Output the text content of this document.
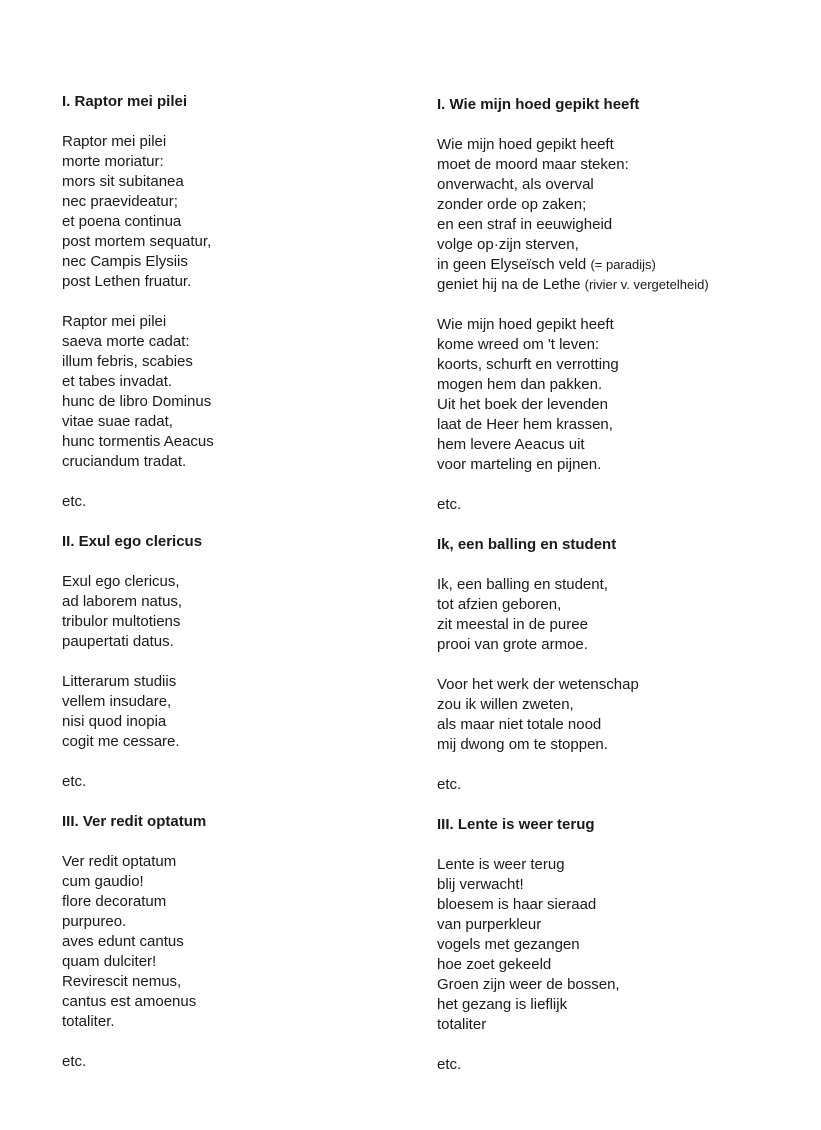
I. Raptor mei pilei
Raptor mei pilei
morte moriatur:
mors sit subitanea
nec praevideatur;
et poena continua
post mortem sequatur,
nec Campis Elysiis
post Lethen fruatur.
Raptor mei pilei
saeva morte cadat:
illum febris, scabies
et tabes invadat.
hunc de libro Dominus
vitae suae radat,
hunc tormentis Aeacus
cruciandum tradat.
etc.
II. Exul ego clericus
Exul ego clericus,
ad laborem natus,
tribulor multotiens
paupertati datus.
Litterarum studiis
vellem insudare,
nisi quod inopia
cogit me cessare.
etc.
III. Ver redit optatum
Ver redit optatum
cum gaudio!
flore decoratum
purpureo.
aves edunt cantus
quam dulciter!
Revirescit nemus,
cantus est amoenus
totaliter.
etc.
I. Wie mijn hoed gepikt heeft
Wie mijn hoed gepikt heeft
moet de moord maar steken:
onverwacht, als overval
zonder orde op zaken;
en een straf in eeuwigheid
volge op·zijn sterven,
in geen Elyseïsch veld (= paradijs)
geniet hij na de Lethe (rivier v. vergetelheid)
Wie mijn hoed gepikt heeft
kome wreed om 't leven:
koorts, schurft en verrotting
mogen hem dan pakken.
Uit het boek der levenden
laat de Heer hem krassen,
hem levere Aeacus uit
voor marteling en pijnen.
etc.
Ik, een balling en student
Ik, een balling en student,
tot afzien geboren,
zit meestal in de puree
prooi van grote armoe.
Voor het werk der wetenschap
zou ik willen zweten,
als maar niet totale nood
mij dwong om te stoppen.
etc.
III. Lente is weer terug
Lente is weer terug
blij verwacht!
bloesem is haar sieraad
van purperkleur
vogels met gezangen
hoe zoet gekeeld
Groen zijn weer de bossen,
het gezang is lieflijk
totaliter
etc.
